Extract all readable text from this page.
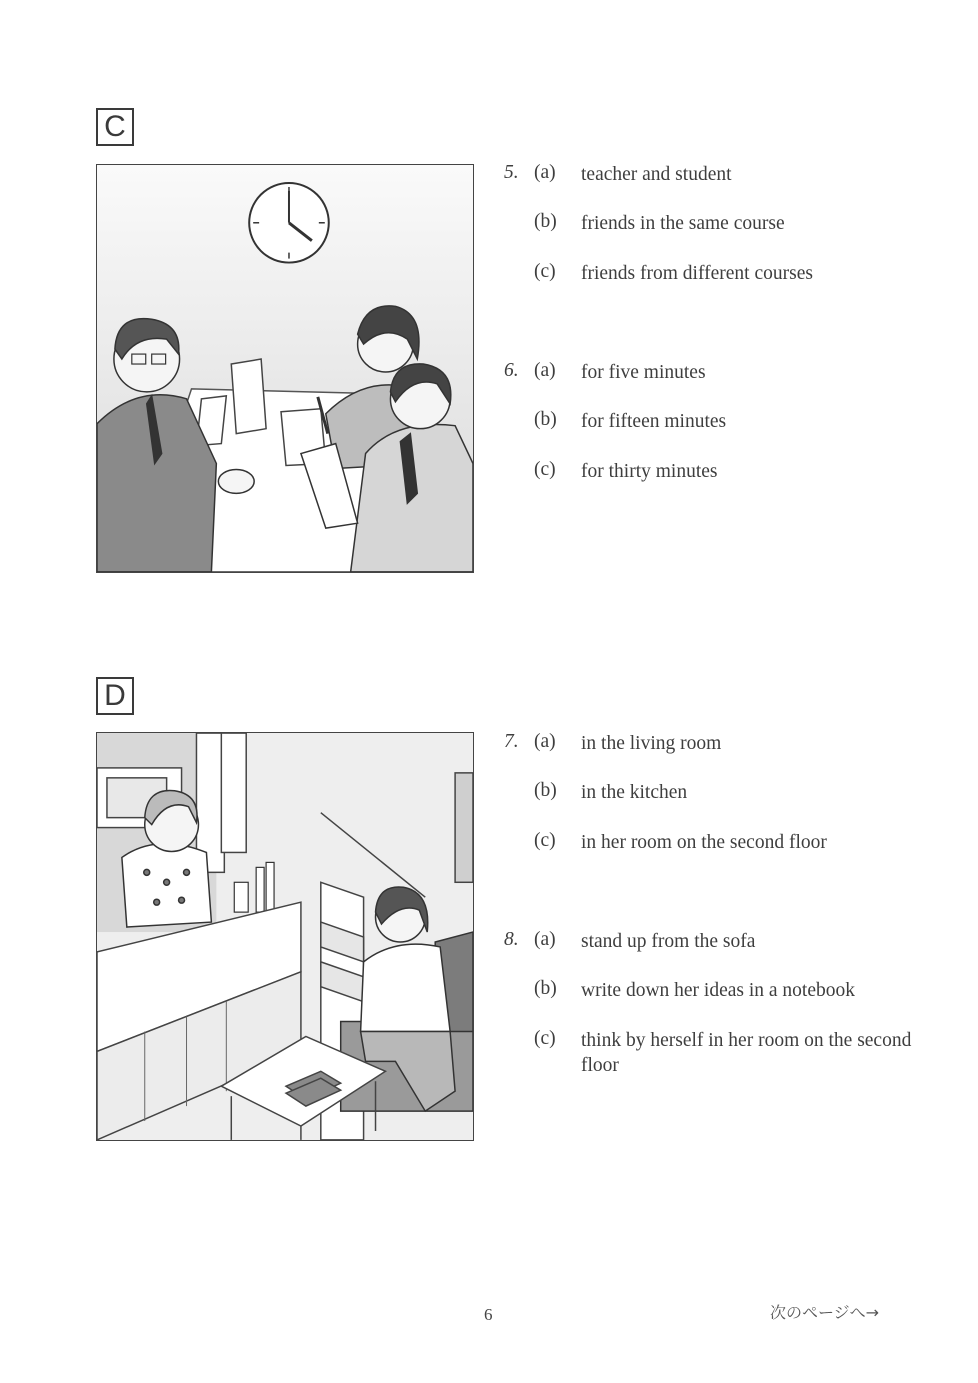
C
5. (a)	teacher and student
(b)	friends in the same course
(c)	friends from different courses
6. (a)	for five minutes
(b)	for fifteen minutes
(c)	for thirty minutes
D
7. (a)	in the living room
(b)	in the kitchen
(c)	in her room on the second floor
8. (a)	stand up from the sofa
(b)	write down her ideas in a notebook
(c)	think by herself in her room on the second floor
6	次のページへ→
